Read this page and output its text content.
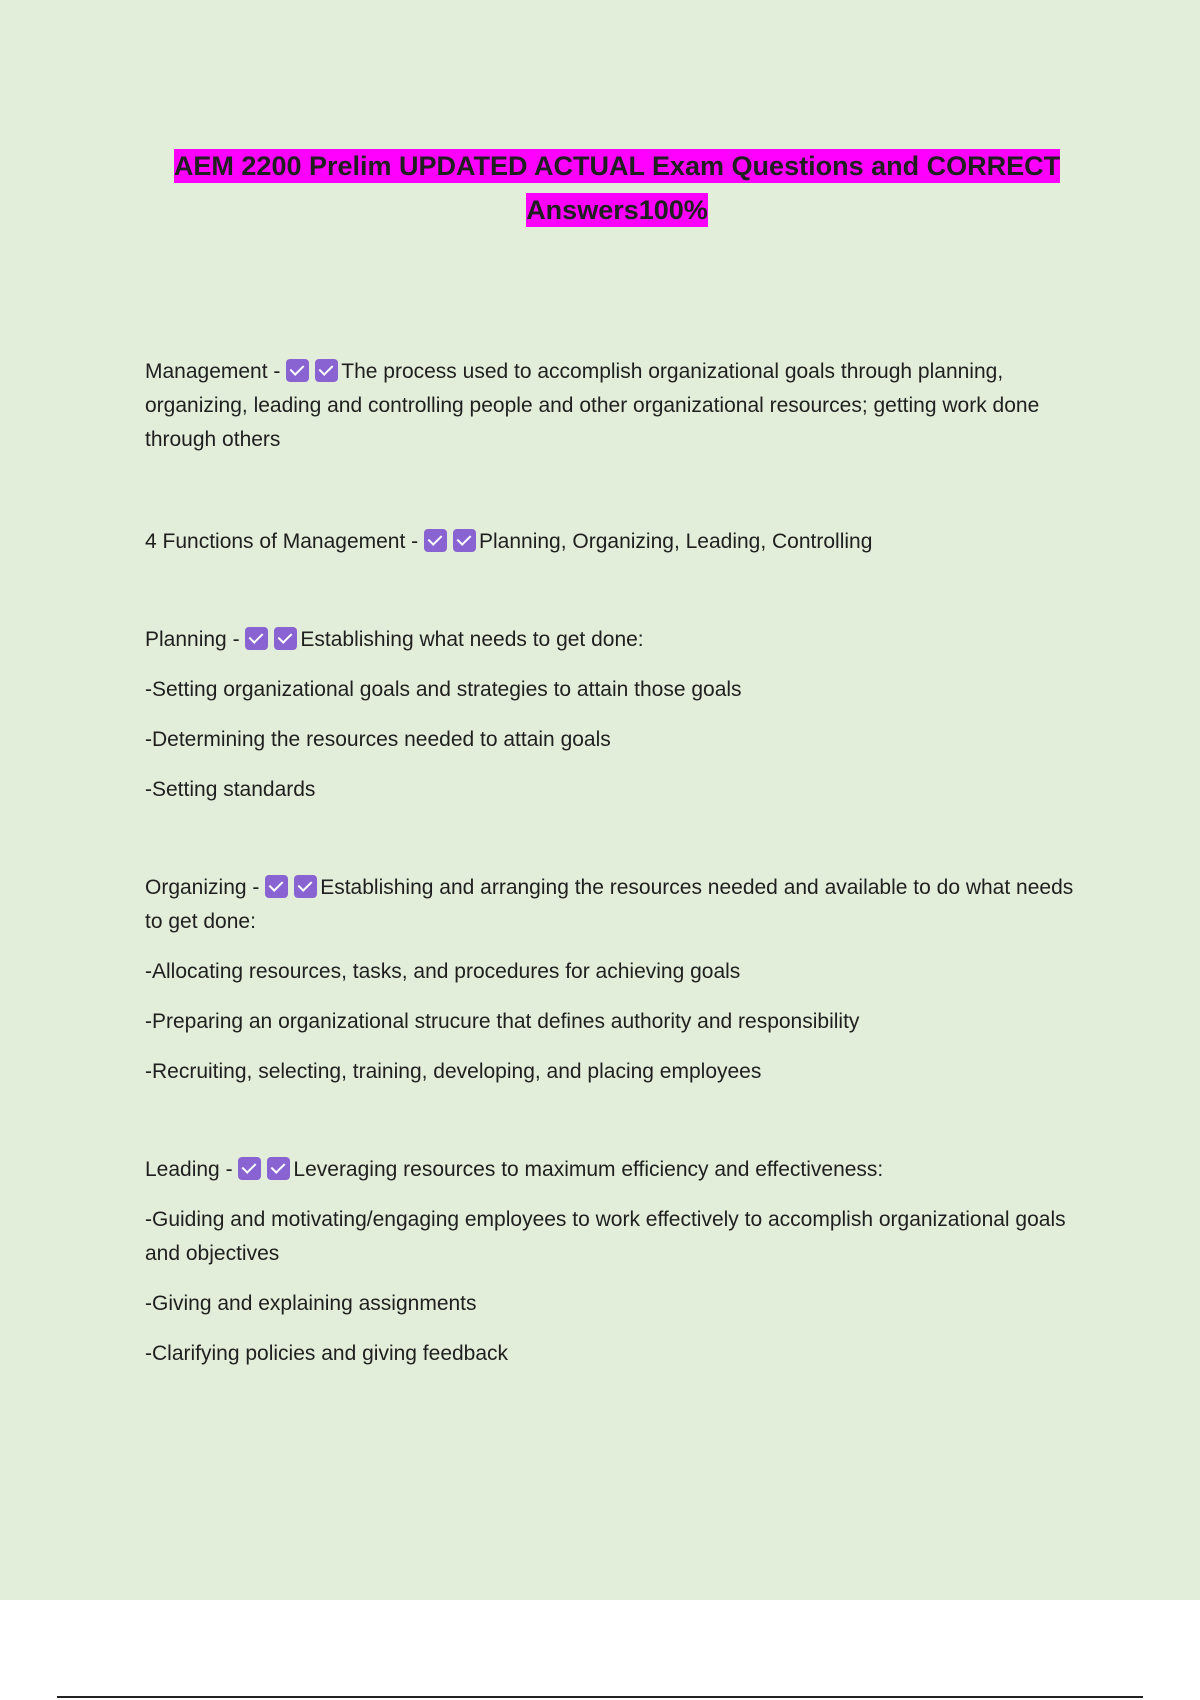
AEM 2200 Prelim UPDATED ACTUAL Exam Questions and CORRECT
Answers100%

Management -	The process used to accomplish organizational goals through planning, organizing, leading and controlling people and other organizational resources; getting work done through others

4 Functions of Management -	Planning, Organizing, Leading, Controlling

Planning -	Establishing what needs to get done:

-Setting organizational goals and strategies to attain those goals

-Determining the resources needed to attain goals

-Setting standards

Organizing -	Establishing and arranging the resources needed and available to do what needs to get done:

-Allocating resources, tasks, and procedures for achieving goals

-Preparing an organizational strucure that defines authority and responsibility

-Recruiting, selecting, training, developing, and placing employees

Leading -	Leveraging resources to maximum efficiency and effectiveness:

-Guiding and motivating/engaging employees to work effectively to accomplish organizational goals and objectives

-Giving and explaining assignments

-Clarifying policies and giving feedback
